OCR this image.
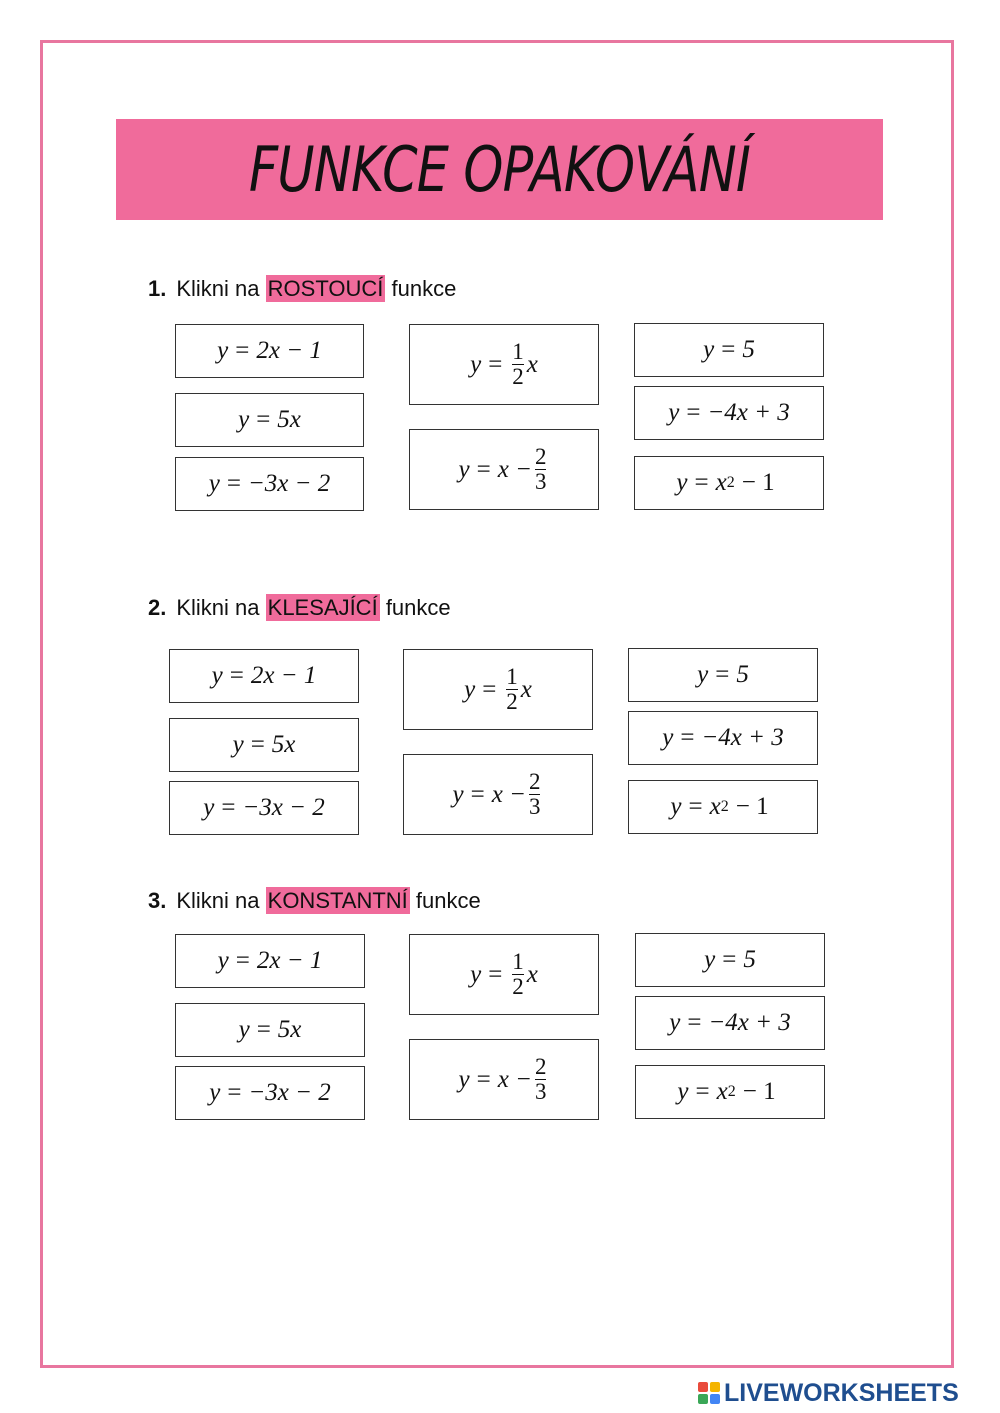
FUNKCE OPAKOVÁNÍ
1. Klikni na ROSTOUCÍ funkce
y = 2x − 1
y = 5x
y = −3x − 2
$y = \frac{1}{2}$ x
$y = x - \frac{2}{3}$
y = 5
y = −4x + 3
y = x 2 − 1
2. Klikni na KLESAJÍCÍ funkce
y = 2x − 1
y = 5x
y = −3x − 2
$y = \frac{1}{2}$ x
$y = x - \frac{2}{3}$
y = 5
y = −4x + 3
y = x 2 − 1
3. Klikni na KONSTANTNÍ funkce
y = 2x − 1
y = 5x
y = −3x − 2
$y = \frac{1}{2}$ x
$y = x - \frac{2}{3}$
y = 5
y = −4x + 3
y = x 2 − 1
LIVEWORKSHEETS
